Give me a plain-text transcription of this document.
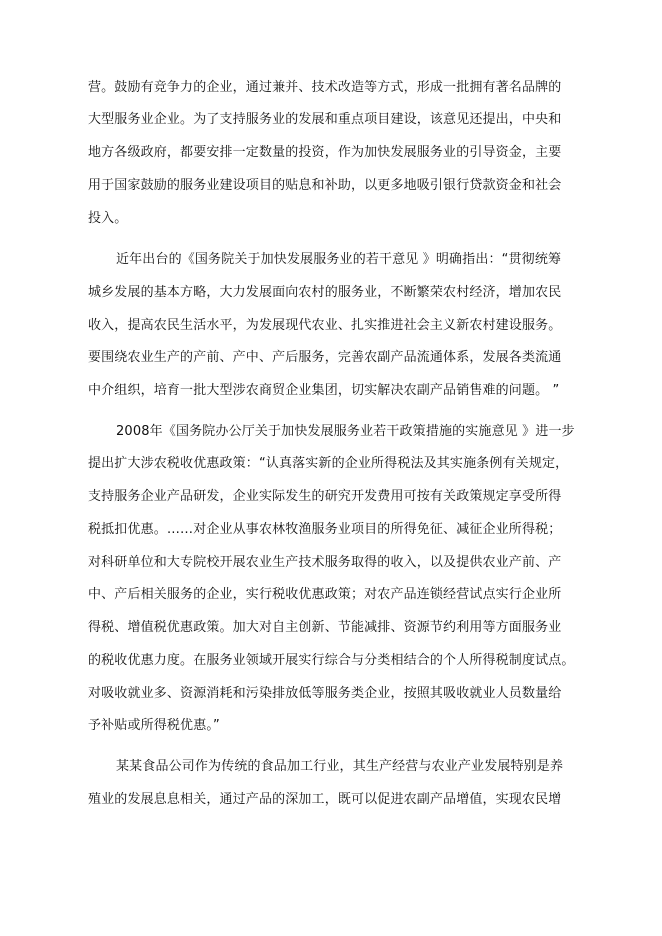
营。鼓励有竞争力的企业，通过兼并、技术改造等方式，形成一批拥有著名品牌的
大型服务业企业。为了支持服务业的发展和重点项目建设，该意见还提出，中央和
地方各级政府，都要安排一定数量的投资，作为加快发展服务业的引导资金，主要
用于国家鼓励的服务业建设项目的贴息和补助，以更多地吸引银行贷款资金和社会
投入。
近年出台的《国务院关于加快发展服务业的若干意见 》明确指出：“贯彻统筹
城乡发展的基本方略，大力发展面向农村的服务业，不断繁荣农村经济，增加农民
收入，提高农民生活水平，为发展现代农业、扎实推进社会主义新农村建设服务。
要围绕农业生产的产前、产中、产后服务，完善农副产品流通体系，发展各类流通
中介组织，培育一批大型涉农商贸企业集团，切实解决农副产品销售难的问题。 ”
2008年《国务院办公厅关于加快发展服务业若干政策措施的实施意见 》进一步
提出扩大涉农税收优惠政策：“认真落实新的企业所得税法及其实施条例有关规定，
支持服务企业产品研发，企业实际发生的研究开发费用可按有关政策规定享受所得
税抵扣优惠。……对企业从事农林牧渔服务业项目的所得免征、减征企业所得税；
对科研单位和大专院校开展农业生产技术服务取得的收入，以及提供农业产前、产
中、产后相关服务的企业，实行税收优惠政策；对农产品连锁经营试点实行企业所
得税、增值税优惠政策。加大对自主创新、节能减排、资源节约利用等方面服务业
的税收优惠力度。在服务业领域开展实行综合与分类相结合的个人所得税制度试点。
对吸收就业多、资源消耗和污染排放低等服务类企业，按照其吸收就业人员数量给
予补贴或所得税优惠。”
某某食品公司作为传统的食品加工行业，其生产经营与农业产业发展特别是养
殖业的发展息息相关，通过产品的深加工，既可以促进农副产品增值，实现农民增
